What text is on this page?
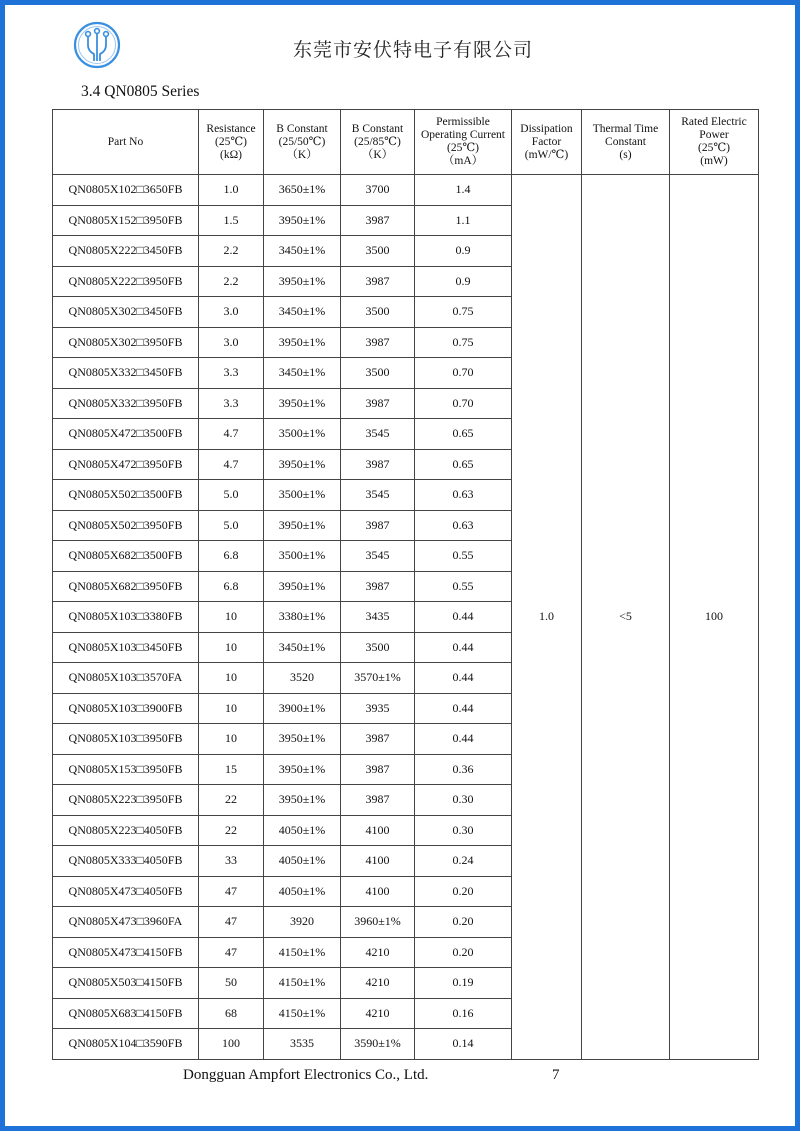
东莞市安伏特电子有限公司
3.4 QN0805 Series
Part No	Resistance
(25℃)
(kΩ)	B Constant
(25/50℃)
（K）	B Constant
(25/85℃)
（K）	Permissible
Operating Current
(25℃)
（mA）	Dissipation
Factor
(mW/℃)	Thermal Time
Constant
(s)	Rated Electric
Power
(25℃)
(mW)

QN0805X102□3650FB	1.0	3650±1%	3700	1.4	1.0	<5	100
QN0805X152□3950FB	1.5	3950±1%	3987	1.1			
QN0805X222□3450FB	2.2	3450±1%	3500	0.9			
QN0805X222□3950FB	2.2	3950±1%	3987	0.9			
QN0805X302□3450FB	3.0	3450±1%	3500	0.75			
QN0805X302□3950FB	3.0	3950±1%	3987	0.75			
QN0805X332□3450FB	3.3	3450±1%	3500	0.70			
QN0805X332□3950FB	3.3	3950±1%	3987	0.70			
QN0805X472□3500FB	4.7	3500±1%	3545	0.65			
QN0805X472□3950FB	4.7	3950±1%	3987	0.65			
QN0805X502□3500FB	5.0	3500±1%	3545	0.63			
QN0805X502□3950FB	5.0	3950±1%	3987	0.63			
QN0805X682□3500FB	6.8	3500±1%	3545	0.55			
QN0805X682□3950FB	6.8	3950±1%	3987	0.55			
QN0805X103□3380FB	10	3380±1%	3435	0.44			
QN0805X103□3450FB	10	3450±1%	3500	0.44			
QN0805X103□3570FA	10	3520	3570±1%	0.44			
QN0805X103□3900FB	10	3900±1%	3935	0.44			
QN0805X103□3950FB	10	3950±1%	3987	0.44			
QN0805X153□3950FB	15	3950±1%	3987	0.36			
QN0805X223□3950FB	22	3950±1%	3987	0.30			
QN0805X223□4050FB	22	4050±1%	4100	0.30			
QN0805X333□4050FB	33	4050±1%	4100	0.24			
QN0805X473□4050FB	47	4050±1%	4100	0.20			
QN0805X473□3960FA	47	3920	3960±1%	0.20			
QN0805X473□4150FB	47	4150±1%	4210	0.20			
QN0805X503□4150FB	50	4150±1%	4210	0.19			
QN0805X683□4150FB	68	4150±1%	4210	0.16			
QN0805X104□3590FB	100	3535	3590±1%	0.14			
Dongguan Ampfort Electronics Co., Ltd.	7
